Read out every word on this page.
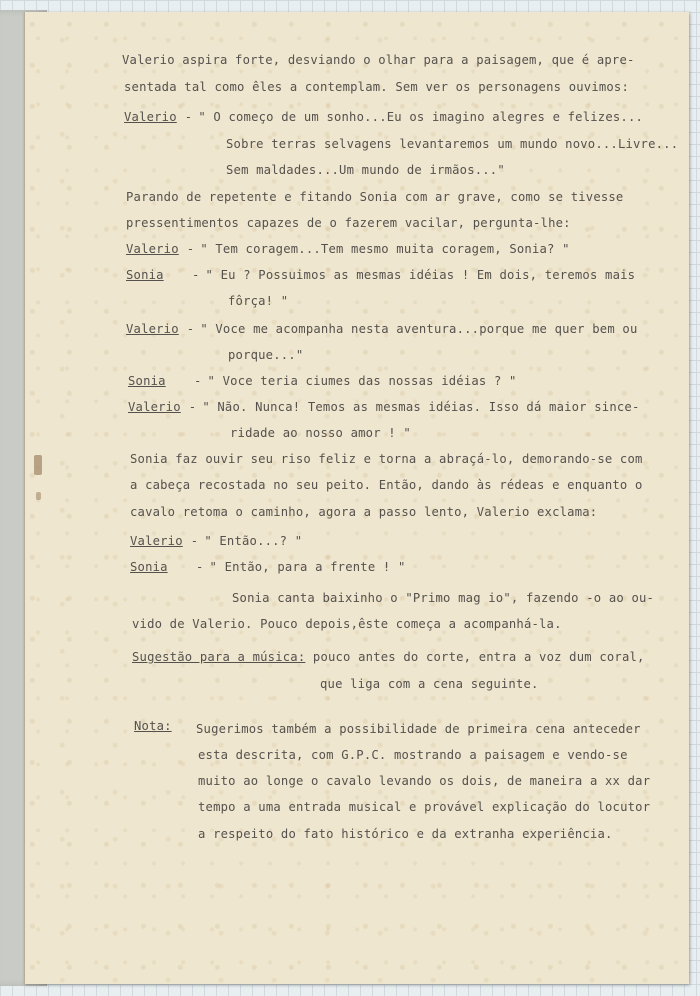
Valerio aspira forte, desviando o olhar para a paisagem, que é apre-
sentada tal como êles a contemplam. Sem ver os personagens ouvimos:
Valerio - " O começo de um sonho...Eu os imagino alegres e felizes...
Sobre terras selvagens levantaremos um mundo novo...Livre...
Sem maldades...Um mundo de irmãos..."
Parando de repetente e fitando Sonia com ar grave, como se tivesse
pressentimentos capazes de o fazerem vacilar, pergunta-lhe:
Valerio - " Tem coragem...Tem mesmo muita coragem, Sonia? "
Sonia - " Eu ? Possuimos as mesmas idéias ! Em dois, teremos mais
fôrça! "
Valerio - " Voce me acompanha nesta aventura...porque me quer bem ou
porque..."
Sonia - " Voce teria ciumes das nossas idéias ? "
Valerio - " Não. Nunca! Temos as mesmas idéias. Isso dá maior since-
ridade ao nosso amor ! "
Sonia faz ouvir seu riso feliz e torna a abraçá-lo, demorando-se com
a cabeça recostada no seu peito. Então, dando às rédeas e enquanto o
cavalo retoma o caminho, agora a passo lento, Valerio exclama:
Valerio - " Então...? "
Sonia - " Então, para a frente ! "
Sonia canta baixinho o "Primo mag io", fazendo -o ao ou-
vido de Valerio. Pouco depois,êste começa a acompanhá-la.
Sugestão para a música: pouco antes do corte, entra a voz dum coral,
que liga com a cena seguinte.
Nota: Sugerimos também a possibilidade de primeira cena anteceder
esta descrita, com G.P.C. mostrando a paisagem e vendo-se
muito ao longe o cavalo levando os dois, de maneira a xx dar
tempo a uma entrada musical e provável explicação do locutor
a respeito do fato histórico e da extranha experiência.
